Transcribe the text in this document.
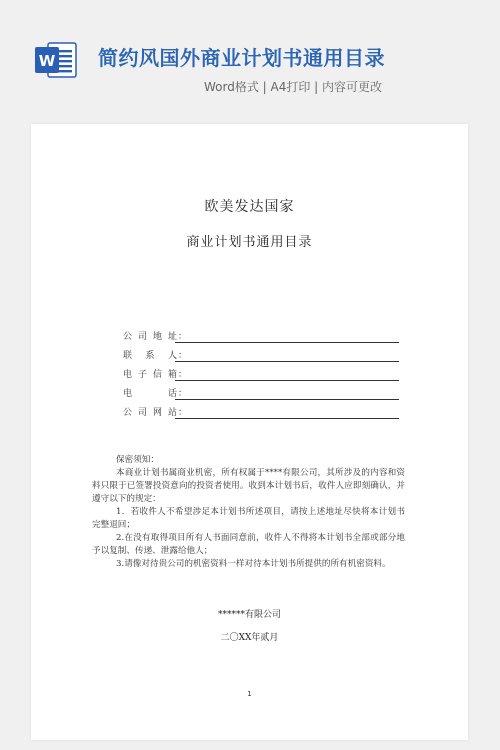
W 简约风国外商业计划书通用目录
Word格式 | A4打印 | 内容可更改
欧美发达国家
商业计划书通用目录
公司地址 ：
联 系 人 ：
电子信箱 ：
电 话 ：
公司网站 ：

保密须知：

本商业计划书属商业机密，所有权属于****有限公司，其所涉及的内容和资料只限于已签署投资意向的投资者使用。收到本计划书后，收件人应即刻确认，并遵守以下的规定：

1．若收件人不希望涉足本计划书所述项目，请按上述地址尽快将本计划书完整退回；

2.在没有取得项目所有人书面同意前，收件人不得将本计划书全部或部分地予以复制、传递、泄露给他人；

3.请像对待贵公司的机密资料一样对待本计划书所提供的所有机密资料。

******有限公司
二〇XX年贰月
1
